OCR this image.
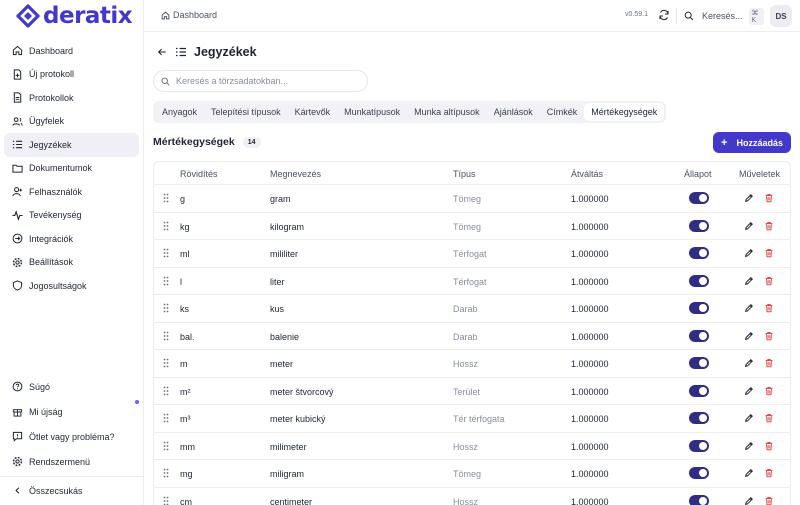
deratix
Dashboard
Új protokoll
Protokollok
Ügyfelek
Jegyzékek
Dokumentumok
Felhasználók
Tevékenység
Integrációk
Beállítások
Jogosultságok
Súgó
Mi újság
Ötlet vagy probléma?
Rendszermenü
Összecsukás
Dashboard	v0.59.1	Keresés...	⌘ K	DS
Jegyzékek
Keresés a törzsadatokban...
Anyagok	Telepítési típusok	Kártevők	Munkatípusok	Munka altípusok	Ajánlások	Címkék	Mértékegységek
Mértékegységek	14	+ Hozzáadás
Rövidítés	Megnevezés	Típus	Átváltás	Állapot	Műveletek
g	gram	Tömeg	1.000000
kg	kilogram	Tömeg	1.000000
ml	mililiter	Térfogat	1.000000
l	liter	Térfogat	1.000000
ks	kus	Darab	1.000000
bal.	balenie	Darab	1.000000
m	meter	Hossz	1.000000
m²	meter štvorcový	Terület	1.000000
m³	meter kubický	Tér térfogata	1.000000
mm	milimeter	Hossz	1.000000
mg	miligram	Tömeg	1.000000
cm	centimeter	Hossz	1.000000
